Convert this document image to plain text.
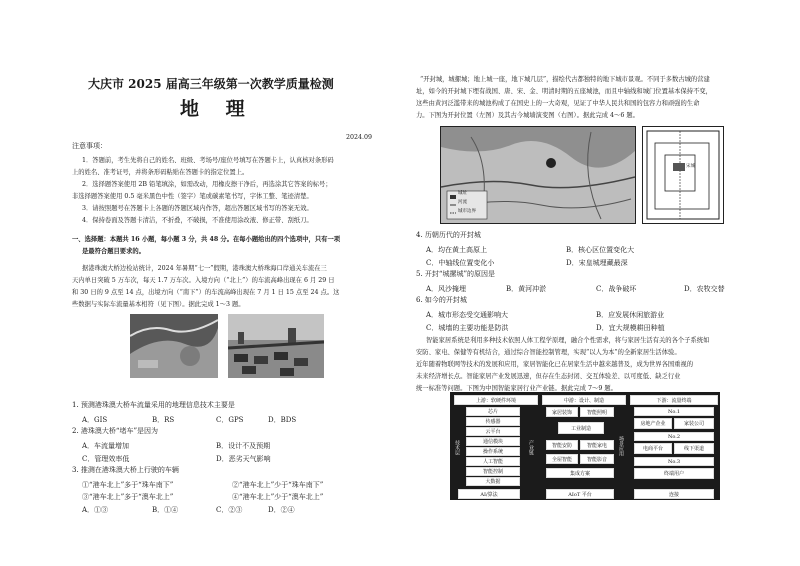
大庆市 2025 届高三年级第一次教学质量检测
地 理
2024.09
注意事项：
1．答题前，考生先将自己的姓名、班级、考场号/座位号填写在答题卡上，认真核对条形码
上的姓名、准考证号，并将条形码粘贴在答题卡的指定位置上。
2．选择题答案使用 2B 铅笔填涂，如需改动，用橡皮擦干净后，再选涂其它答案的标号；
非选择题答案使用 0.5 毫米黑色中性（签字）笔或碳素笔书写，字体工整、笔迹清楚。
3．请按照题号在答题卡上各题的答题区域内作答，超出答题区域书写的答案无效。
4．保持卷面及答题卡清洁，不折叠，不破损，不准使用涂改液、修正带、刮纸刀。
一、选择题：本题共 16 小题，每小题 3 分，共 48 分。在每小题给出的四个选项中，只有一项
是最符合题目要求的。
据港珠澳大桥边检站统计，2024 年暑期“七一”假期，港珠澳大桥珠海口岸通关车流在三
天内单日突破 5 万车次，每天 1.7 万车次。入境方向（“北上”）的车流高峰出现在 6 月 29 日
和 30 日的 9 点至 14 点，出境方向（“南下”）的车流高峰出现在 7 月 1 日 15 点至 24 点。这
些数据与实际车流量基本相符（见下图）。据此完成 1～3 题。
1. 预测港珠澳大桥车流量采用的地理信息技术主要是
A．GIS	B．RS	C．GPS	D．BDS
2. 港珠澳大桥“堵车”是因为
A．车流量增加	B．设计不及预期
C．管理效率低	D．恶劣天气影响
3. 推测在港珠澳大桥上行驶的车辆
①“港车北上”多于“珠车南下”	②“港车北上”少于“珠车南下”
③“港车北上”多于“澳车北上”	④“港车北上”少于“澳车北上”
A．①③	B．①④	C．②③	D．②④
“开封城，城摞城；地上城一座，地下城几层”，描绘代古都独特的地下城市景观。不同于多数古城的营建
址，如今的开封城下埋有战国、唐、宋、金、明清时期的五座城池，而且中轴线和城门位置基本保持不变，
这些由黄河泛滥带来的城池构成了在国史上的一大奇观，见证了中华人民共和国的包容力和顽强的生命
力。下图为开封位置（左图）及其古今城墙演变图（右图）。据此完成 4～6 题。
城址
河流
城市边界
宋城
4. 历朝历代的开封城
A．均在黄土高原上	B．核心区位置变化大
C．中轴线位置变化小	D．宋皇城埋藏最深
5. 开封“城摞城”的原因是
A．风沙掩埋	B．黄河冲淤	C．战争破坏	D．农牧交替
6. 如今的开封城
A．城市形态受交通影响大	B．应发展休闲旅游业
C．城墙的主要功能是防洪	D．宜大规模耕田种植
智能家居系统是利用多种技术依照人体工程学原理，融合个性需求，将与家居生活有关的各个子系统如
安防、家电、保健等有机结合，通过综合智能控制管理，实现“以人为本”的全新家居生活体验。
近年随着物联网等技术的发展和应用，家居智能化已在居家生活中越来越普及，成为世界各国重视的
未来经济增长点。智能家居产业发展迅速，但存在生态封闭、交互体验差、以可度低、缺乏行业
统一标准等问题。下图为中国智能家居行业产业链。据此完成 7～9 题。
上游：软硬件环境	中游：设计、制造	下游：流量终端
技术层	产业链	场景应用
芯片
传感器
云平台
通信模块
操作系统
人工智能
智能控制
大数据
家居装饰	智能照明
工业制造
智能安防	智能家电
全屋智能	智能影音
集成方案
No.1
房地产企业	家装公司
No.2
电商平台	线下渠道
No.3
终端用户
AI/算法	AIoT 平台	连接
